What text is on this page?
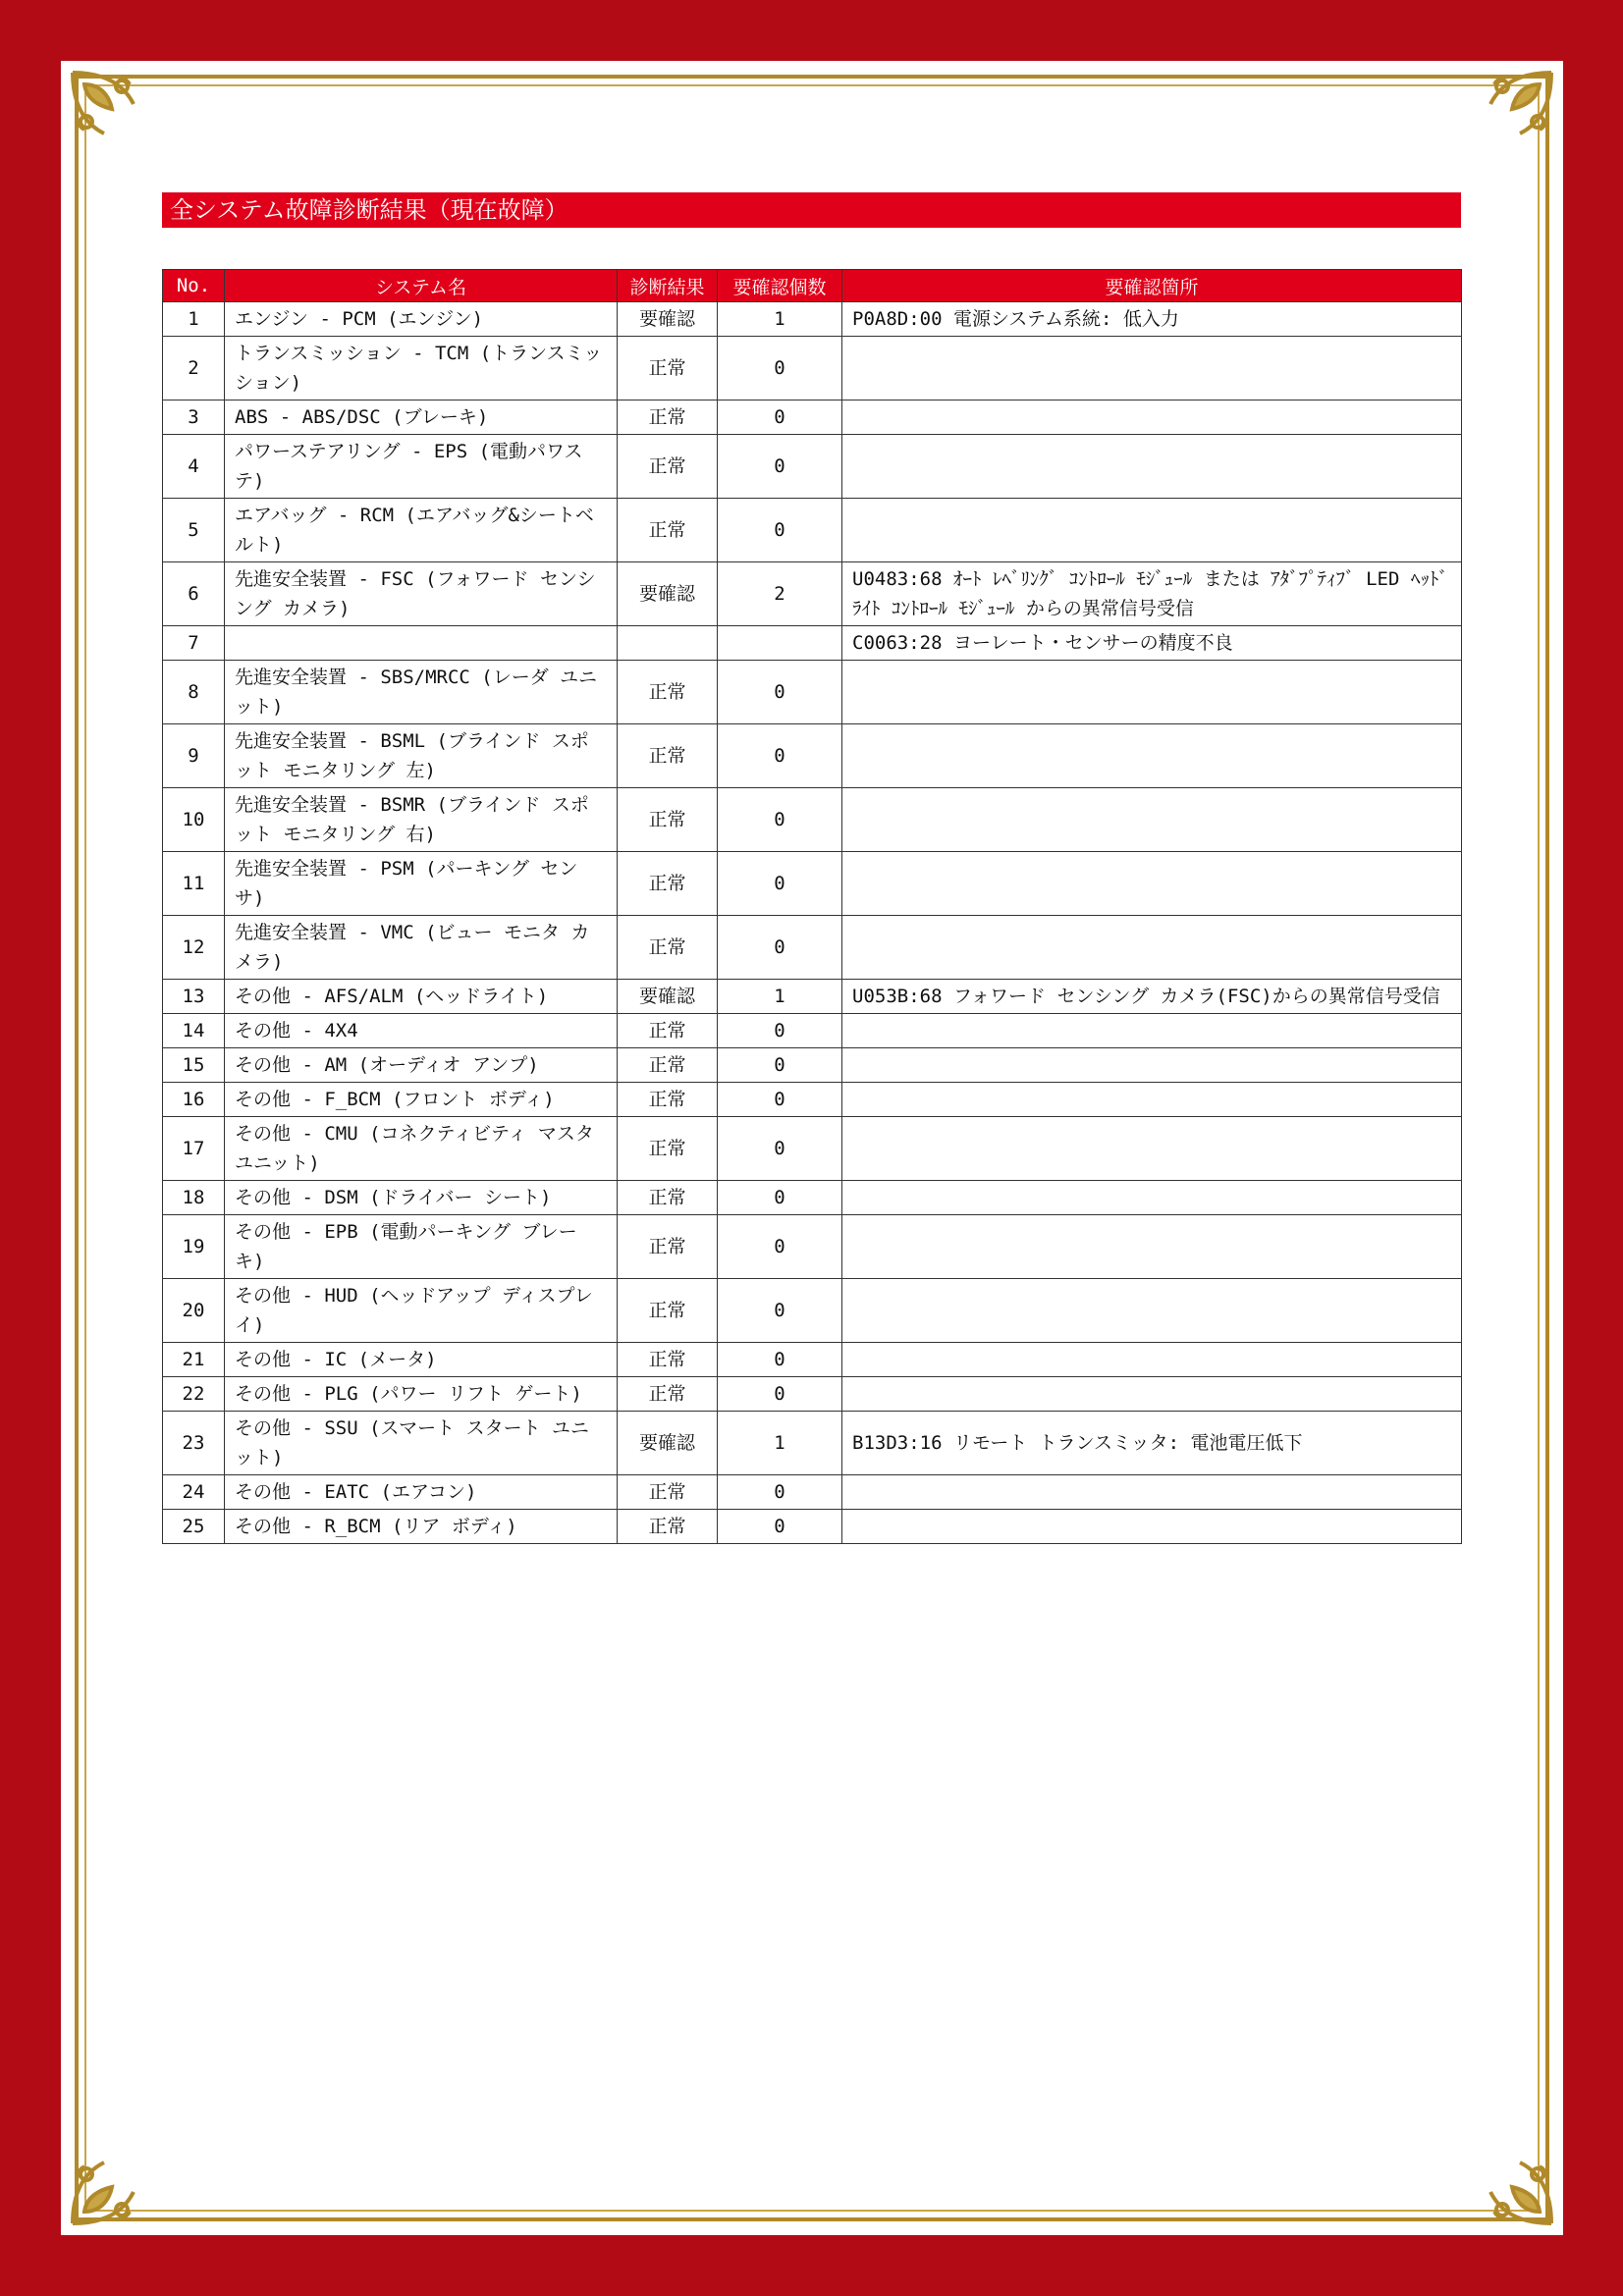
全システム故障診断結果（現在故障）
No.	システム名	診断結果	要確認個数	要確認箇所
1	エンジン - PCM (エンジン)	要確認	1	P0A8D:00 電源システム系統: 低入力
2	トランスミッション - TCM (トランスミッション)	正常	0	
3	ABS - ABS/DSC (ブレーキ)	正常	0	
4	パワーステアリング - EPS (電動パワステ)	正常	0	
5	エアバッグ - RCM (エアバッグ&シートベルト)	正常	0	
6	先進安全装置 - FSC (フォワード センシング カメラ)	要確認	2	U0483:68 ｵｰﾄ ﾚﾍﾞﾘﾝｸﾞ ｺﾝﾄﾛｰﾙ ﾓｼﾞｭｰﾙ または ｱﾀﾞﾌﾟﾃｨﾌﾞ LED ﾍｯﾄﾞﾗｲﾄ ｺﾝﾄﾛｰﾙ ﾓｼﾞｭｰﾙ からの異常信号受信
7				C0063:28 ヨーレート・センサーの精度不良
8	先進安全装置 - SBS/MRCC (レーダ ユニット)	正常	0	
9	先進安全装置 - BSML (ブラインド スポット モニタリング 左)	正常	0	
10	先進安全装置 - BSMR (ブラインド スポット モニタリング 右)	正常	0	
11	先進安全装置 - PSM (パーキング センサ)	正常	0	
12	先進安全装置 - VMC (ビュー モニタ カメラ)	正常	0	
13	その他 - AFS/ALM (ヘッドライト)	要確認	1	U053B:68 フォワード センシング カメラ(FSC)からの異常信号受信
14	その他 - 4X4	正常	0	
15	その他 - AM (オーディオ アンプ)	正常	0	
16	その他 - F_BCM (フロント ボディ)	正常	0	
17	その他 - CMU (コネクティビティ マスタ ユニット)	正常	0	
18	その他 - DSM (ドライバー シート)	正常	0	
19	その他 - EPB (電動パーキング ブレーキ)	正常	0	
20	その他 - HUD (ヘッドアップ ディスプレイ)	正常	0	
21	その他 - IC (メータ)	正常	0	
22	その他 - PLG (パワー リフト ゲート)	正常	0	
23	その他 - SSU (スマート スタート ユニット)	要確認	1	B13D3:16 リモート トランスミッタ: 電池電圧低下
24	その他 - EATC (エアコン)	正常	0	
25	その他 - R_BCM (リア ボディ)	正常	0	
